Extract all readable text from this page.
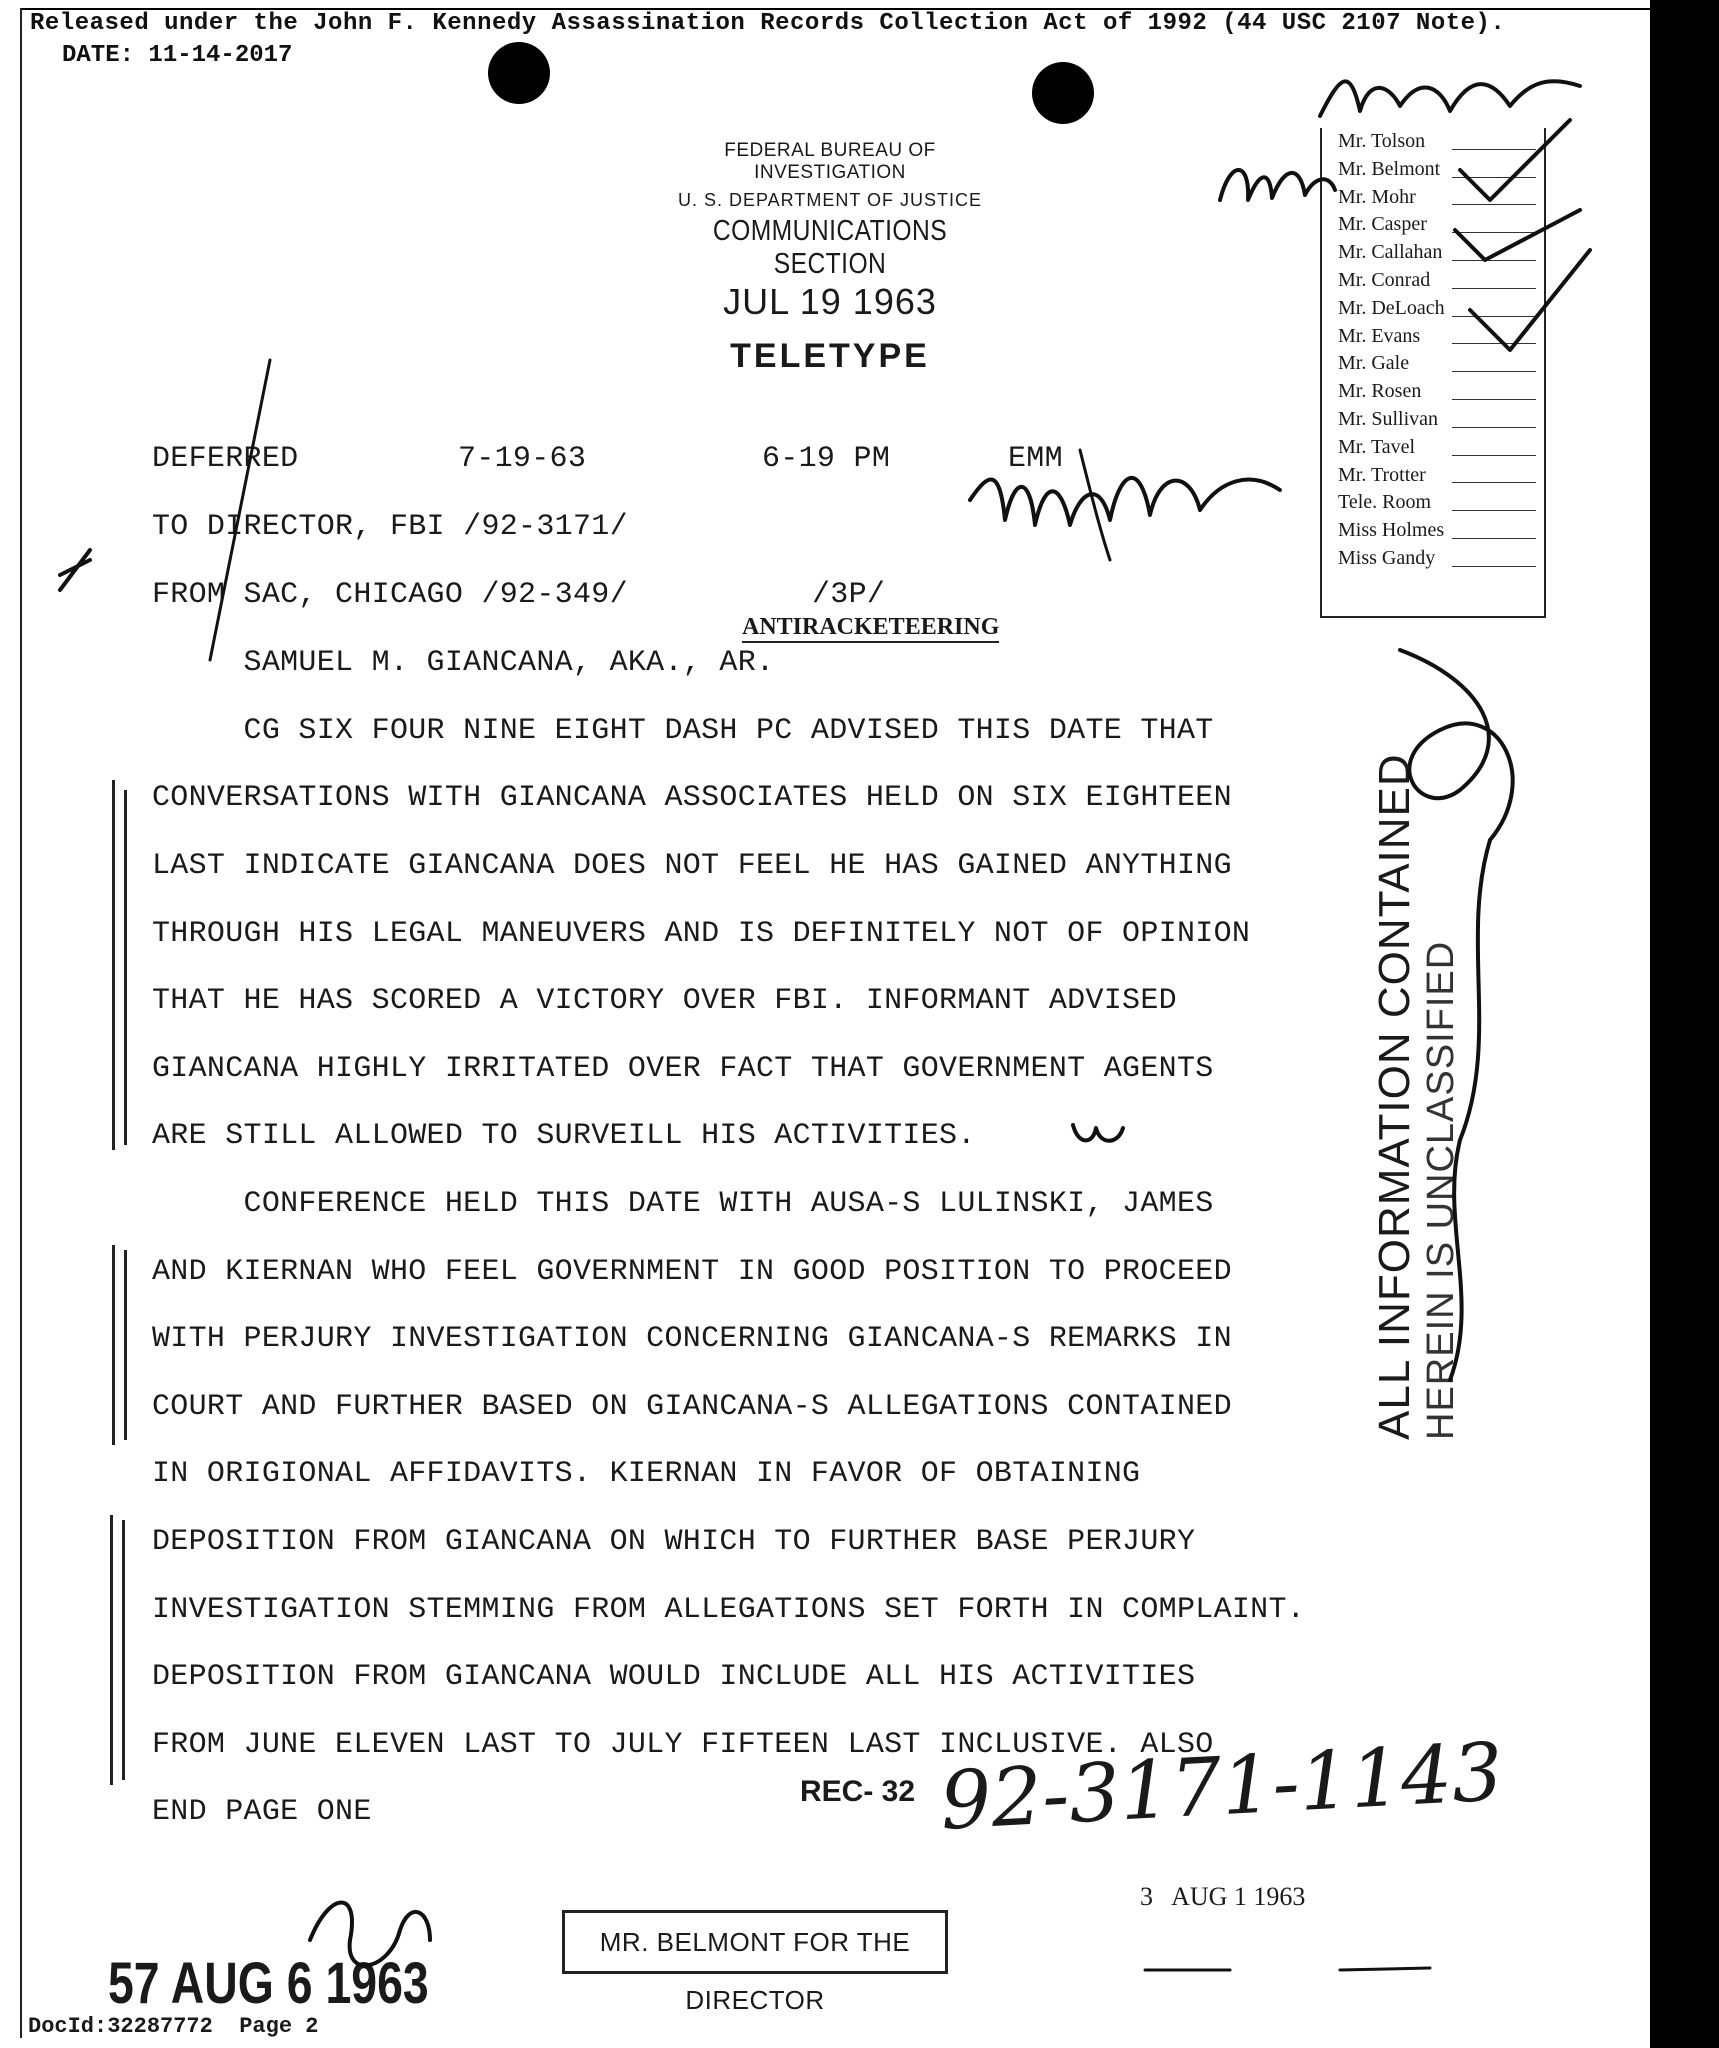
Released under the John F. Kennedy Assassination Records Collection Act of 1992 (44 USC 2107 Note).
DATE: 11-14-2017
FEDERAL BUREAU OF INVESTIGATION
U. S. DEPARTMENT OF JUSTICE
COMMUNICATIONS SECTION
JUL 19 1963
TELETYPE
Mr. Tolson
Mr. Belmont
Mr. Mohr
Mr. Casper
Mr. Callahan
Mr. Conrad
Mr. DeLoach
Mr. Evans
Mr. Gale
Mr. Rosen
Mr. Sullivan
Mr. Tavel
Mr. Trotter
Tele. Room
Miss Holmes
Miss Gandy
DEFERRED	7-19-63	6-19 PM	EMM
TO DIRECTOR, FBI /92-3171/
FROM SAC, CHICAGO /92-349/	/3P/
ANTIRACKETEERING
SAMUEL M. GIANCANA, AKA., AR.
CG SIX FOUR NINE EIGHT DASH PC ADVISED THIS DATE THAT
CONVERSATIONS WITH GIANCANA ASSOCIATES HELD ON SIX EIGHTEEN
LAST INDICATE GIANCANA DOES NOT FEEL HE HAS GAINED ANYTHING
THROUGH HIS LEGAL MANEUVERS AND IS DEFINITELY NOT OF OPINION
THAT HE HAS SCORED A VICTORY OVER FBI. INFORMANT ADVISED
GIANCANA HIGHLY IRRITATED OVER FACT THAT GOVERNMENT AGENTS
ARE STILL ALLOWED TO SURVEILL HIS ACTIVITIES.
CONFERENCE HELD THIS DATE WITH AUSA-S LULINSKI, JAMES
AND KIERNAN WHO FEEL GOVERNMENT IN GOOD POSITION TO PROCEED
WITH PERJURY INVESTIGATION CONCERNING GIANCANA-S REMARKS IN
COURT AND FURTHER BASED ON GIANCANA-S ALLEGATIONS CONTAINED
IN ORIGIONAL AFFIDAVITS. KIERNAN IN FAVOR OF OBTAINING
DEPOSITION FROM GIANCANA ON WHICH TO FURTHER BASE PERJURY
INVESTIGATION STEMMING FROM ALLEGATIONS SET FORTH IN COMPLAINT.
DEPOSITION FROM GIANCANA WOULD INCLUDE ALL HIS ACTIVITIES
FROM JUNE ELEVEN LAST TO JULY FIFTEEN LAST INCLUSIVE. ALSO
END PAGE ONE
ALL INFORMATION CONTAINED HEREIN IS UNCLASSIFIED
REC- 32 92-3171-1143
3   AUG 1 1963
MR. BELMONT FOR THE DIRECTOR
57 AUG 6 1963
DocId:32287772  Page 2
